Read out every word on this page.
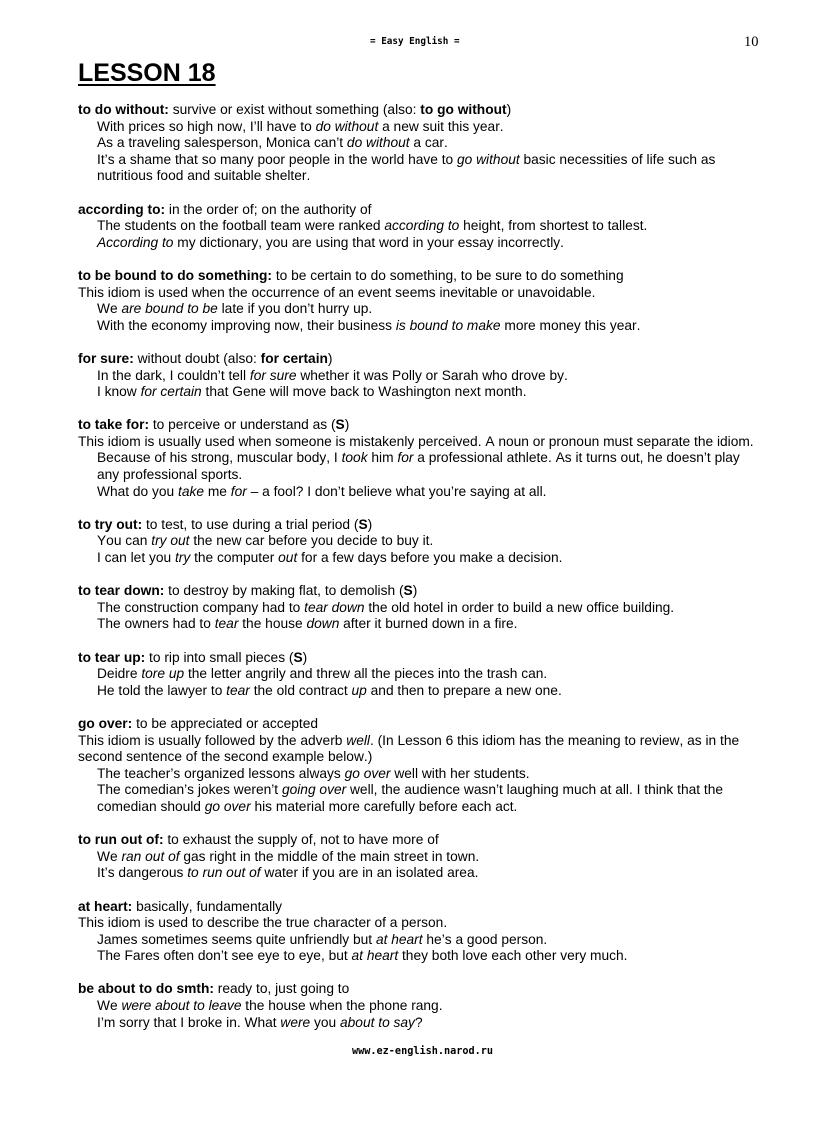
= Easy English =	10
LESSON 18

to do without: survive or exist without something (also: to go without)

With prices so high now, I’ll have to do without a new suit this year.

As a traveling salesperson, Monica can’t do without a car.

It’s a shame that so many poor people in the world have to go without basic necessities of life such as nutritious food and suitable shelter.

according to: in the order of; on the authority of

The students on the football team were ranked according to height, from shortest to tallest.

According to my dictionary, you are using that word in your essay incorrectly.

to be bound to do something: to be certain to do something, to be sure to do something

This idiom is used when the occurrence of an event seems inevitable or unavoidable.

We are bound to be late if you don’t hurry up.

With the economy improving now, their business is bound to make more money this year.

for sure: without doubt (also: for certain)

In the dark, I couldn’t tell for sure whether it was Polly or Sarah who drove by.

I know for certain that Gene will move back to Washington next month.

to take for: to perceive or understand as (S)

This idiom is usually used when someone is mistakenly perceived. A noun or pronoun must separate the idiom.

Because of his strong, muscular body, I took him for a professional athlete. As it turns out, he doesn’t play any professional sports.

What do you take me for – a fool? I don’t believe what you’re saying at all.

to try out: to test, to use during a trial period (S)

You can try out the new car before you decide to buy it.

I can let you try the computer out for a few days before you make a decision.

to tear down: to destroy by making flat, to demolish (S)

The construction company had to tear down the old hotel in order to build a new office building.

The owners had to tear the house down after it burned down in a fire.

to tear up: to rip into small pieces (S)

Deidre tore up the letter angrily and threw all the pieces into the trash can.

He told the lawyer to tear the old contract up and then to prepare a new one.

go over: to be appreciated or accepted

This idiom is usually followed by the adverb well. (In Lesson 6 this idiom has the meaning to review, as in the second sentence of the second example below.)

The teacher’s organized lessons always go over well with her students.

The comedian’s jokes weren’t going over well, the audience wasn’t laughing much at all. I think that the comedian should go over his material more carefully before each act.

to run out of: to exhaust the supply of, not to have more of

We ran out of gas right in the middle of the main street in town.

It’s dangerous to run out of water if you are in an isolated area.

at heart: basically, fundamentally

This idiom is used to describe the true character of a person.

James sometimes seems quite unfriendly but at heart he’s a good person.

The Fares often don’t see eye to eye, but at heart they both love each other very much.

be about to do smth: ready to, just going to

We were about to leave the house when the phone rang.

I’m sorry that I broke in. What were you about to say?

www.ez-english.narod.ru
